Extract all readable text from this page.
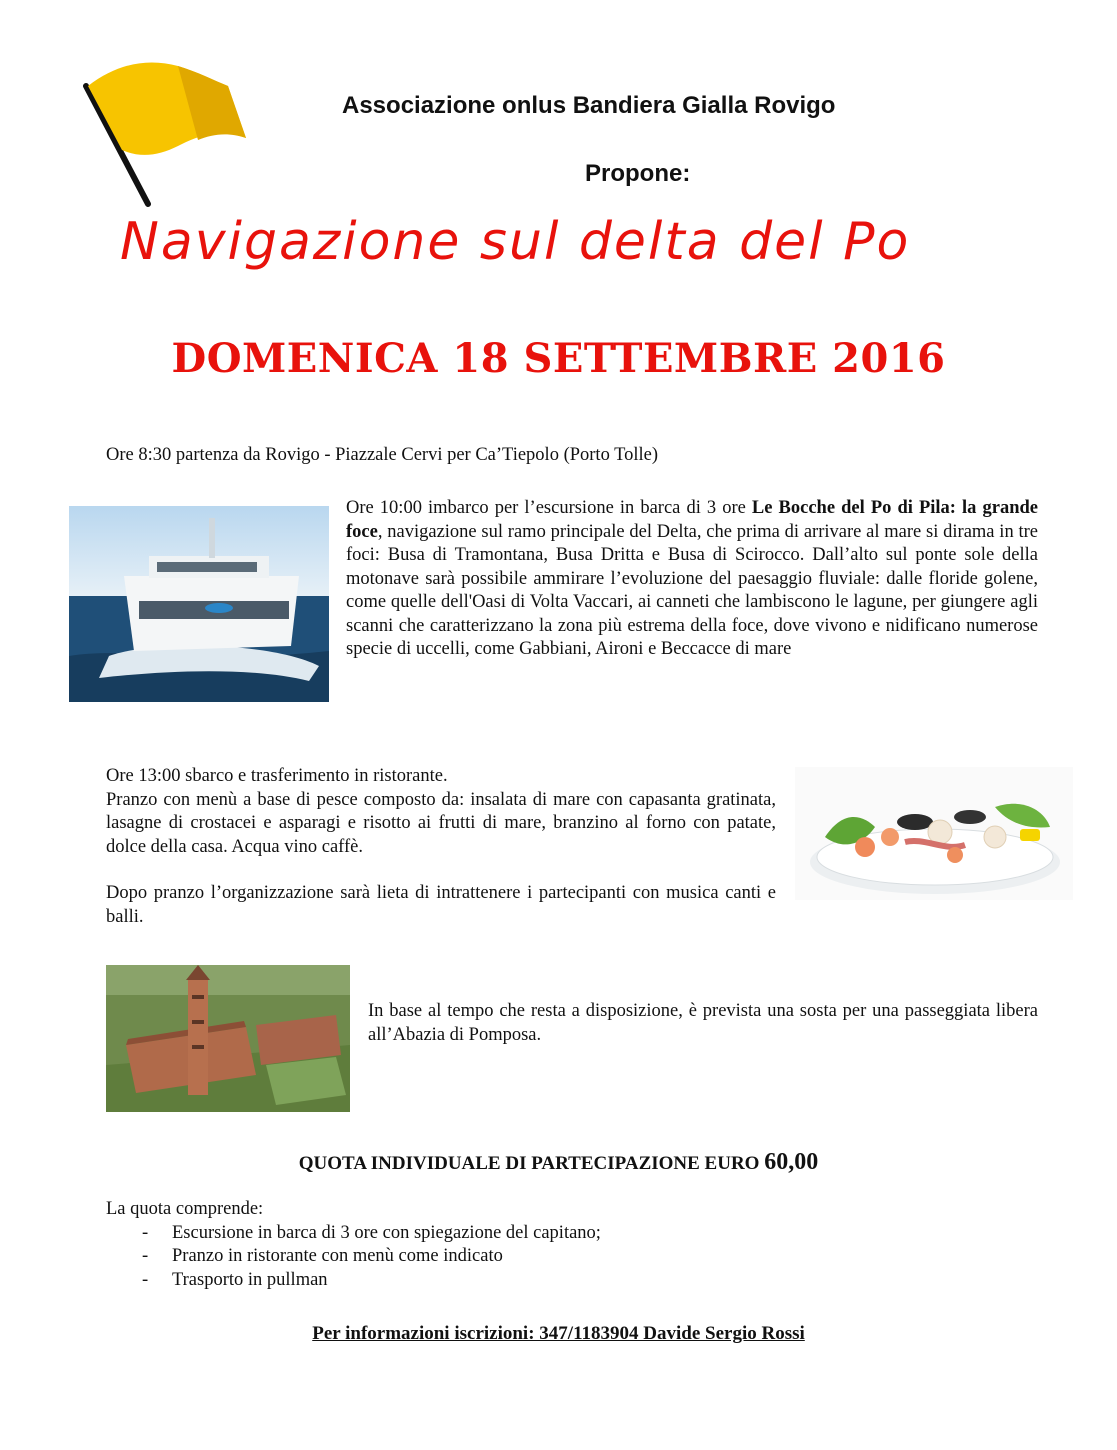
Associazione onlus Bandiera Gialla Rovigo
Propone:
Navigazione sul delta del Po
DOMENICA 18 SETTEMBRE 2016
Ore 8:30 partenza da Rovigo - Piazzale Cervi per Ca’Tiepolo (Porto Tolle)
Ore 10:00 imbarco per l’escursione in barca di 3 ore Le Bocche del Po di Pila: la grande foce, navigazione sul ramo principale del Delta, che prima di arrivare al mare si dirama in tre foci: Busa di Tramontana, Busa Dritta e Busa di Scirocco. Dall’alto sul ponte sole della motonave sarà possibile ammirare l’evoluzione del paesaggio fluviale: dalle floride golene, come quelle dell'Oasi di Volta Vaccari, ai canneti che lambiscono le lagune, per giungere agli scanni che caratterizzano la zona più estrema della foce, dove vivono e nidificano numerose specie di uccelli, come Gabbiani, Aironi e Beccacce di mare
Ore 13:00 sbarco e trasferimento in ristorante.
Pranzo con menù a base di pesce composto da: insalata di mare con capasanta gratinata, lasagne di crostacei e asparagi e risotto ai frutti di mare, branzino al forno con patate, dolce della casa. Acqua vino caffè.
Dopo pranzo l’organizzazione sarà lieta di intrattenere i partecipanti con musica canti e balli.
In base al tempo che resta a disposizione, è prevista una sosta per una passeggiata libera all’Abazia di Pomposa.
QUOTA INDIVIDUALE DI PARTECIPAZIONE EURO 60,00
La quota comprende:
- Escursione in barca di 3 ore con spiegazione del capitano;
- Pranzo in ristorante con menù come indicato
- Trasporto in pullman
Per informazioni iscrizioni: 347/1183904 Davide Sergio Rossi
